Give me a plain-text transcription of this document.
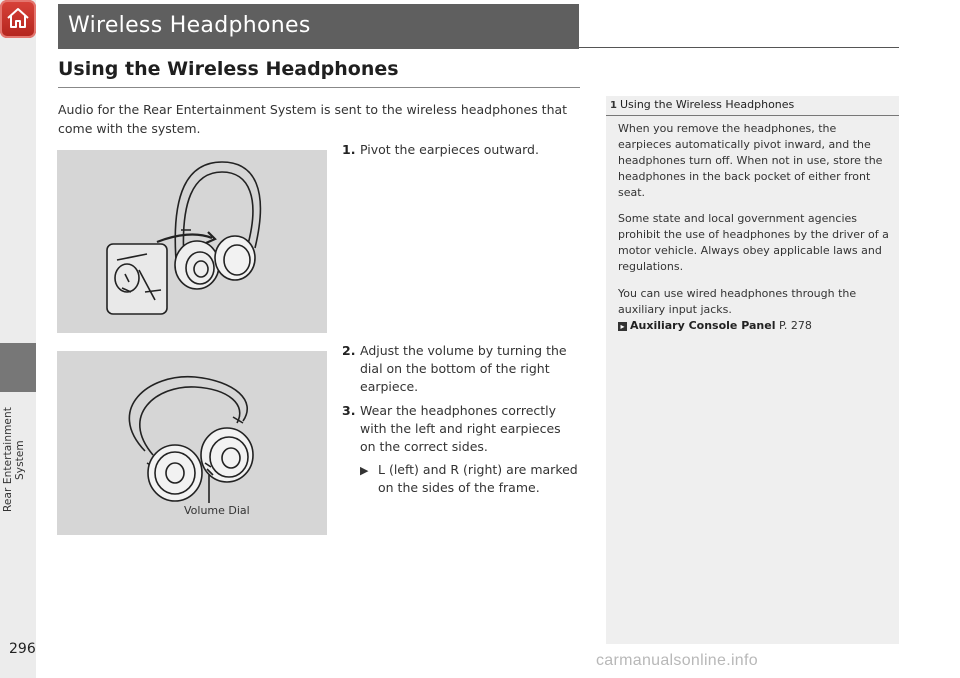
Rear Entertainment System
296
Wireless Headphones
Using the Wireless Headphones
Audio for the Rear Entertainment System is sent to the wireless headphones that come with the system.
Volume Dial
1. Pivot the earpieces outward.
2. Adjust the volume by turning the dial on the bottom of the right earpiece.
3. Wear the headphones correctly with the left and right earpieces on the correct sides.
▶ L (left) and R (right) are marked on the sides of the frame.
1 Using the Wireless Headphones
When you remove the headphones, the earpieces automatically pivot inward, and the headphones turn off. When not in use, store the headphones in the back pocket of either front seat.
Some state and local government agencies prohibit the use of headphones by the driver of a motor vehicle. Always obey applicable laws and regulations.
You can use wired headphones through the auxiliary input jacks.
▸ Auxiliary Console Panel P. 278
carmanualsonline.info
